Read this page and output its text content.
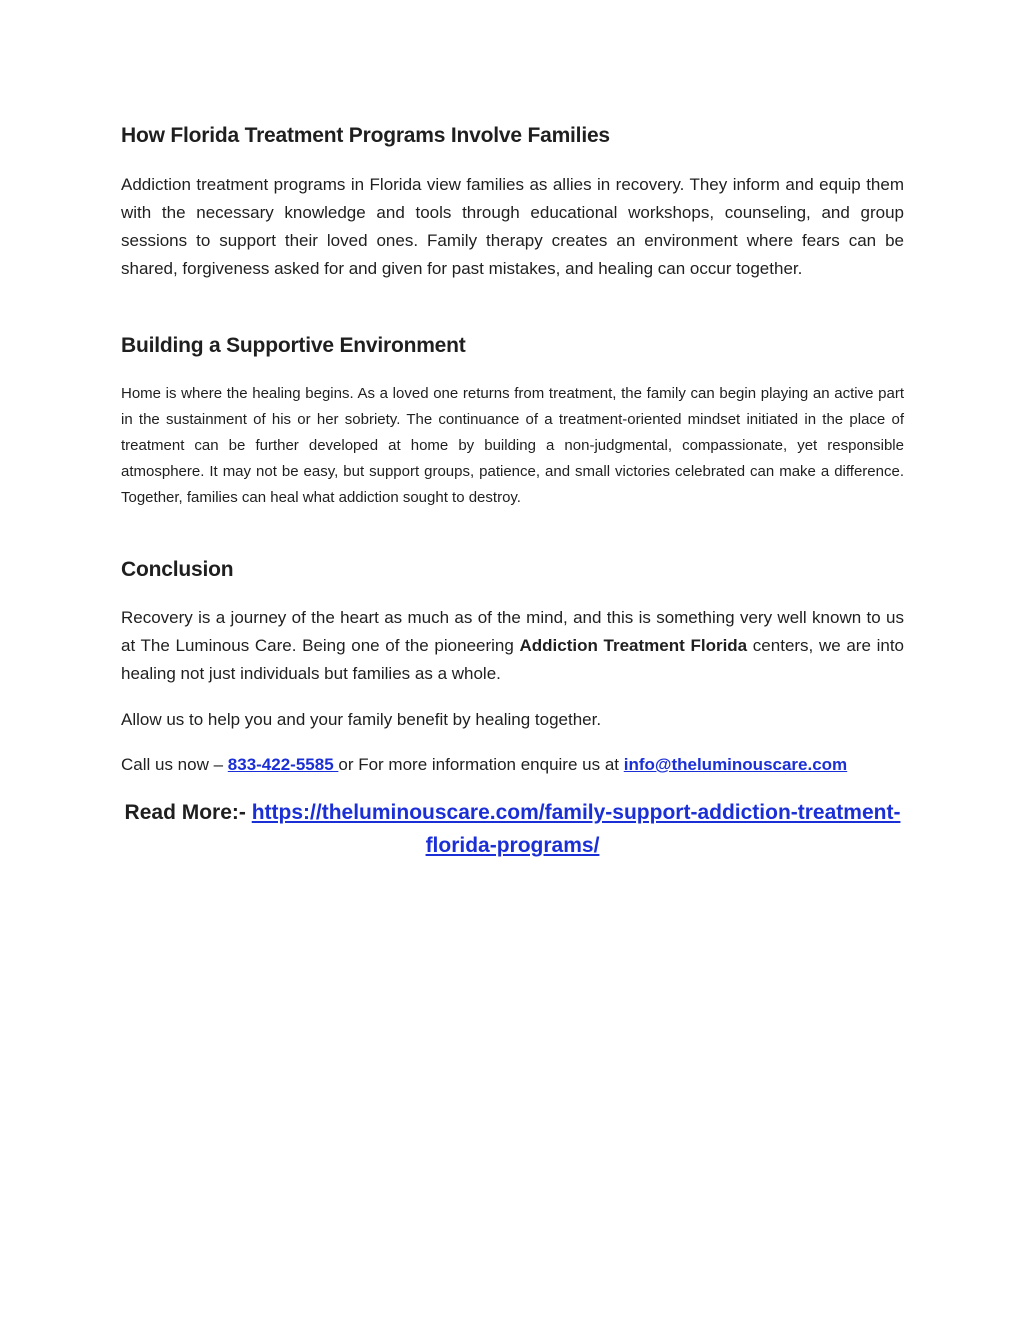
How Florida Treatment Programs Involve Families

Addiction treatment programs in Florida view families as allies in recovery. They inform and equip them with the necessary knowledge and tools through educational workshops, counseling, and group sessions to support their loved ones. Family therapy creates an environment where fears can be shared, forgiveness asked for and given for past mistakes, and healing can occur together.

Building a Supportive Environment

Home is where the healing begins. As a loved one returns from treatment, the family can begin playing an active part in the sustainment of his or her sobriety. The continuance of a treatment-oriented mindset initiated in the place of treatment can be further developed at home by building a non-judgmental, compassionate, yet responsible atmosphere. It may not be easy, but support groups, patience, and small victories celebrated can make a difference. Together, families can heal what addiction sought to destroy.

Conclusion

Recovery is a journey of the heart as much as of the mind, and this is something very well known to us at The Luminous Care. Being one of the pioneering Addiction Treatment Florida centers, we are into healing not just individuals but families as a whole.

Allow us to help you and your family benefit by healing together.

Call us now – 833-422-5585 or For more information enquire us at info@theluminouscare.com

Read More:- https://theluminouscare.com/family-support-addiction-treatment-florida-programs/
